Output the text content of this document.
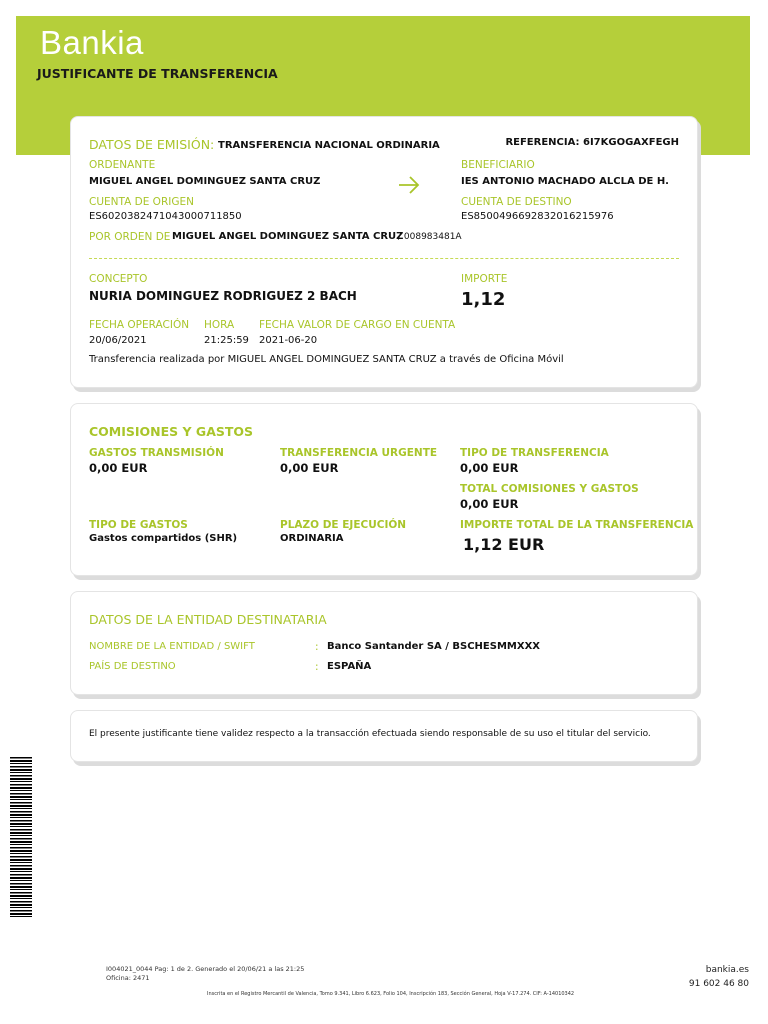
Bankia
JUSTIFICANTE DE TRANSFERENCIA
DATOS DE EMISIÓN: TRANSFERENCIA NACIONAL ORDINARIA	REFERENCIA: 6I7KGOGAXFEGH
ORDENANTE
MIGUEL ANGEL DOMINGUEZ SANTA CRUZ
BENEFICIARIO
IES ANTONIO MACHADO ALCLA DE H.
CUENTA DE ORIGEN
ES6020382471043000711850
CUENTA DE DESTINO
ES8500496692832016215976
POR ORDEN DE MIGUEL ANGEL DOMINGUEZ SANTA CRUZ
/ 008983481A
CONCEPTO
NURIA DOMINGUEZ RODRIGUEZ 2 BACH
IMPORTE
1,12
FECHA OPERACIÓN
20/06/2021
HORA
21:25:59
FECHA VALOR DE CARGO EN CUENTA
2021-06-20
Transferencia realizada por MIGUEL ANGEL DOMINGUEZ SANTA CRUZ a través de Oficina Móvil
COMISIONES Y GASTOS
GASTOS TRANSMISIÓN
0,00 EUR
TRANSFERENCIA URGENTE
0,00 EUR
TIPO DE TRANSFERENCIA
0,00 EUR
TOTAL COMISIONES Y GASTOS
0,00 EUR
TIPO DE GASTOS
Gastos compartidos (SHR)
PLAZO DE EJECUCIÓN
ORDINARIA
IMPORTE TOTAL DE LA TRANSFERENCIA
1,12 EUR
DATOS DE LA ENTIDAD DESTINATARIA
NOMBRE DE LA ENTIDAD / SWIFT	: Banco Santander SA / BSCHESMMXXX
PAÍS DE DESTINO	: ESPAÑA
El presente justificante tiene validez respecto a la transacción efectuada siendo responsable de su uso el titular del servicio.
I004021_0044 Pag: 1 de 2. Generado el 20/06/21 a las 21:25
Oficina: 2471
Inscrita en el Registro Mercantil de Valencia, Tomo 9.341, Libro 6.623, Folio 104, Inscripción 183, Sección General, Hoja V-17.274. CIF: A-14010342
bankia.es
91 602 46 80
